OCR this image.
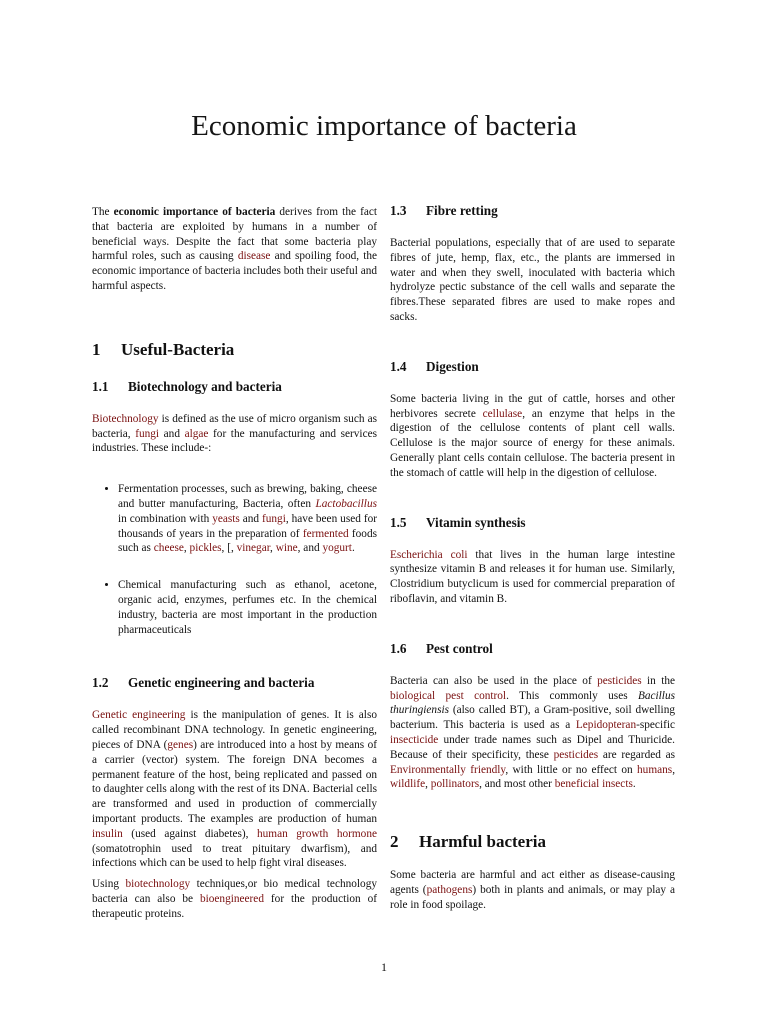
Economic importance of bacteria

The economic importance of bacteria derives from the fact that bacteria are exploited by humans in a number of beneficial ways. Despite the fact that some bacteria play harmful roles, such as causing disease and spoiling food, the economic importance of bacteria includes both their useful and harmful aspects.

1 Useful-Bacteria
1.1 Biotechnology and bacteria

Biotechnology is defined as the use of micro organism such as bacteria, fungi and algae for the manufacturing and services industries. These include-:

• Fermentation processes, such as brewing, baking, cheese and butter manufacturing, Bacteria, often Lactobacillus in combination with yeasts and fungi, have been used for thousands of years in the preparation of fermented foods such as cheese, pickles, [, vinegar, wine, and yogurt.
• Chemical manufacturing such as ethanol, acetone, organic acid, enzymes, perfumes etc. In the chemical industry, bacteria are most important in the production pharmaceuticals
1.2 Genetic engineering and bacteria

Genetic engineering is the manipulation of genes. It is also called recombinant DNA technology. In genetic engineering, pieces of DNA (genes) are introduced into a host by means of a carrier (vector) system. The foreign DNA becomes a permanent feature of the host, being replicated and passed on to daughter cells along with the rest of its DNA. Bacterial cells are transformed and used in production of commercially important products. The examples are production of human insulin (used against diabetes), human growth hormone (somatotrophin used to treat pituitary dwarfism), and infections which can be used to help fight viral diseases.

Using biotechnology techniques,or bio medical technology bacteria can also be bioengineered for the production of therapeutic proteins.

1.3 Fibre retting

Bacterial populations, especially that of are used to separate fibres of jute, hemp, flax, etc., the plants are immersed in water and when they swell, inoculated with bacteria which hydrolyze pectic substance of the cell walls and separate the fibres.These separated fibres are used to make ropes and sacks.

1.4 Digestion

Some bacteria living in the gut of cattle, horses and other herbivores secrete cellulase, an enzyme that helps in the digestion of the cellulose contents of plant cell walls. Cellulose is the major source of energy for these animals. Generally plant cells contain cellulose. The bacteria present in the stomach of cattle will help in the digestion of cellulose.

1.5 Vitamin synthesis

Escherichia coli that lives in the human large intestine synthesize vitamin B and releases it for human use. Similarly, Clostridium butyclicum is used for commercial preparation of riboflavin, and vitamin B.

1.6 Pest control

Bacteria can also be used in the place of pesticides in the biological pest control. This commonly uses Bacillus thuringiensis (also called BT), a Gram-positive, soil dwelling bacterium. This bacteria is used as a Lepidopteran-specific insecticide under trade names such as Dipel and Thuricide. Because of their specificity, these pesticides are regarded as Environmentally friendly, with little or no effect on humans, wildlife, pollinators, and most other beneficial insects.

2 Harmful bacteria

Some bacteria are harmful and act either as disease-causing agents (pathogens) both in plants and animals, or may play a role in food spoilage.

1
